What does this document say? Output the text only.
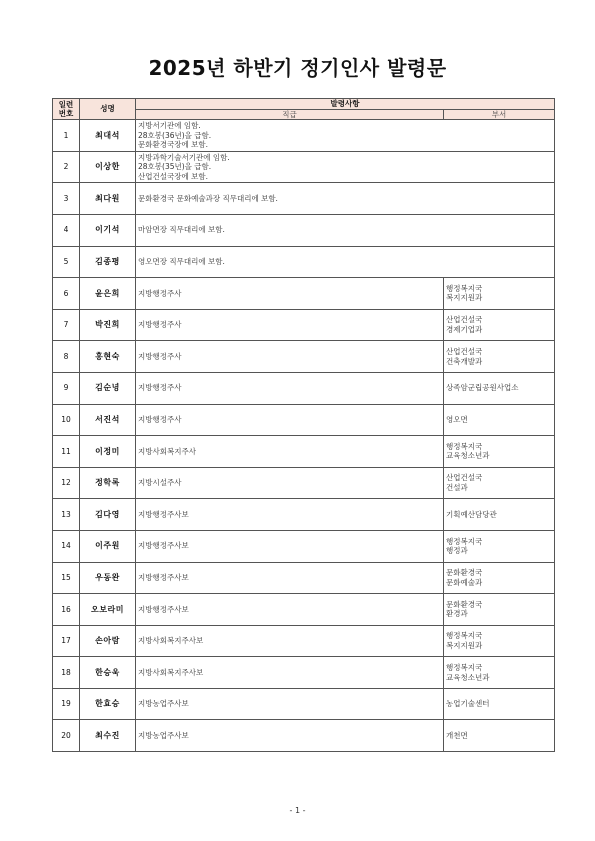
2025년 하반기 정기인사 발령문
일련
번호	성명	발령사항	
		직급	부서
1	최대석	지방서기관에 임함.
28호봉(36년)을 급함.
문화환경국장에 보함.	

2	이상한	지방과학기술서기관에 임함.
28호봉(35년)을 급함.
산업건설국장에 보함.	

3	최다원	문화환경국 문화예술과장 직무대리에 보함.	

4	이기석	마암면장 직무대리에 보함.	

5	김종평	영오면장 직무대리에 보함.	

6	윤은희	지방행정주사	행정복지국
복지지원과

7	박진희	지방행정주사	산업건설국
경제기업과

8	홍현숙	지방행정주사	산업건설국
건축개발과

9	김순녕	지방행정주사	상족암군립공원사업소

10	서진석	지방행정주사	영오면

11	이정미	지방사회복지주사	행정복지국
교육청소년과

12	정학록	지방시설주사	산업건설국
건설과

13	김다영	지방행정주사보	기획예산담당관

14	이주원	지방행정주사보	행정복지국
행정과

15	우동완	지방행정주사보	문화환경국
문화예술과

16	오보라미	지방행정주사보	문화환경국
환경과

17	손아람	지방사회복지주사보	행정복지국
복지지원과

18	한승욱	지방사회복지주사보	행정복지국
교육청소년과

19	한효승	지방농업주사보	농업기술센터

20	최수진	지방농업주사보	개천면
- 1 -
